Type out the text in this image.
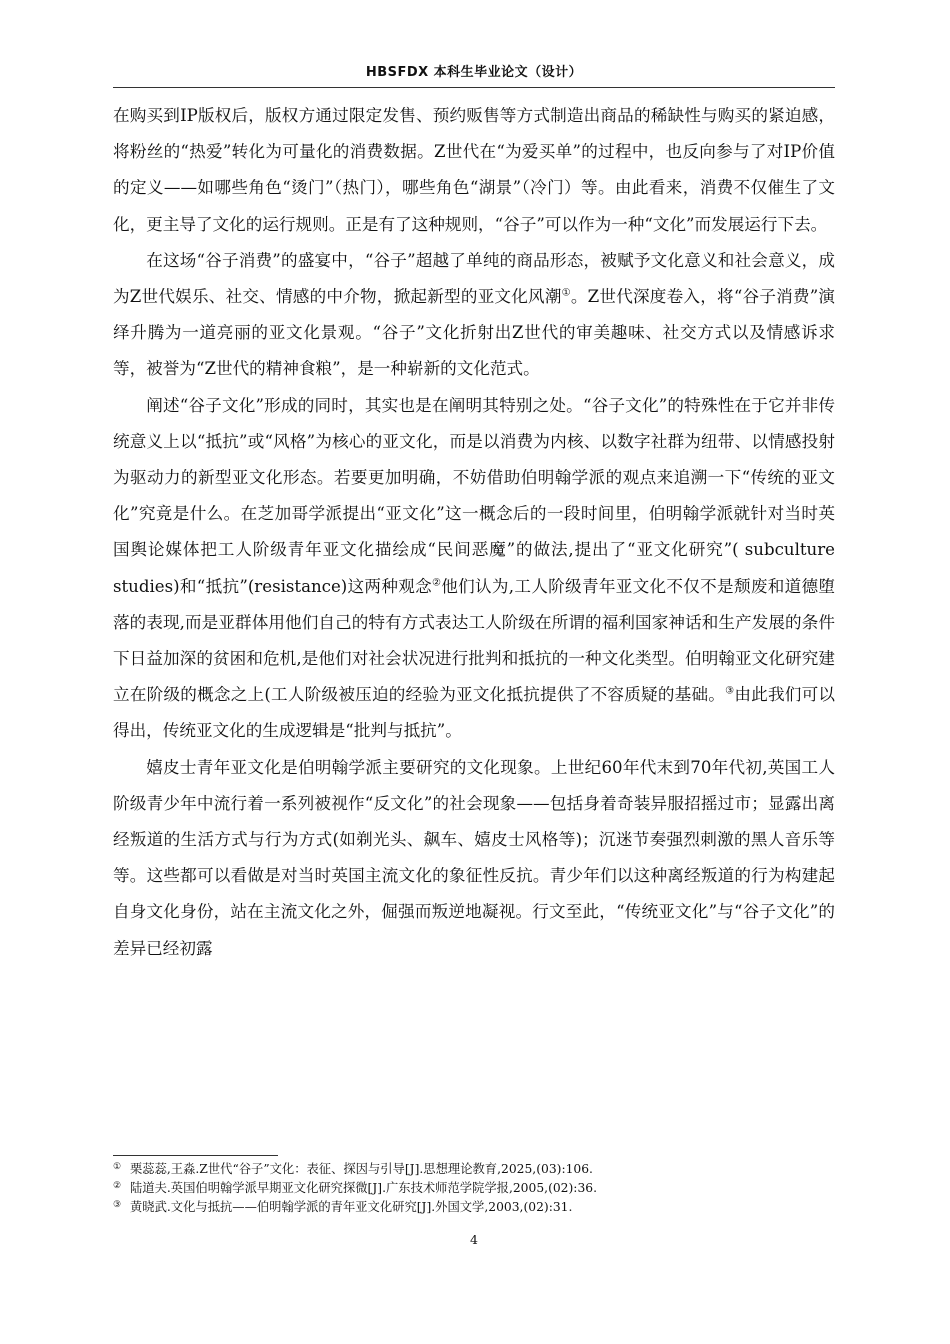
HBSFDX 本科生毕业论文（设计）

在购买到IP版权后，版权方通过限定发售、预约贩售等方式制造出商品的稀缺性与购买的紧迫感，将粉丝的“热爱”转化为可量化的消费数据。Z世代在“为爱买单”的过程中，也反向参与了对IP价值的定义——如哪些角色“烫门”（热门），哪些角色“湖景”（冷门）等。由此看来，消费不仅催生了文化，更主导了文化的运行规则。正是有了这种规则，“谷子”可以作为一种“文化”而发展运行下去。

在这场“谷子消费”的盛宴中，“谷子”超越了单纯的商品形态，被赋予文化意义和社会意义，成为Z世代娱乐、社交、情感的中介物，掀起新型的亚文化风潮①。Z世代深度卷入，将“谷子消费”演绎升腾为一道亮丽的亚文化景观。“谷子”文化折射出Z世代的审美趣味、社交方式以及情感诉求等，被誉为“Z世代的精神食粮”，是一种崭新的文化范式。

阐述“谷子文化”形成的同时，其实也是在阐明其特别之处。“谷子文化”的特殊性在于它并非传统意义上以“抵抗”或“风格”为核心的亚文化，而是以消费为内核、以数字社群为纽带、以情感投射为驱动力的新型亚文化形态。若要更加明确，不妨借助伯明翰学派的观点来追溯一下“传统的亚文化”究竟是什么。在芝加哥学派提出“亚文化”这一概念后的一段时间里，伯明翰学派就针对当时英国舆论媒体把工人阶级青年亚文化描绘成“民间恶魔”的做法,提出了“亚文化研究”( subculture studies)和“抵抗”(resistance)这两种观念②他们认为,工人阶级青年亚文化不仅不是颓废和道德堕落的表现,而是亚群体用他们自己的特有方式表达工人阶级在所谓的福利国家神话和生产发展的条件下日益加深的贫困和危机,是他们对社会状况进行批判和抵抗的一种文化类型。伯明翰亚文化研究建立在阶级的概念之上(工人阶级被压迫的经验为亚文化抵抗提供了不容质疑的基础。③由此我们可以得出，传统亚文化的生成逻辑是“批判与抵抗”。

嬉皮士青年亚文化是伯明翰学派主要研究的文化现象。上世纪60年代末到70年代初,英国工人阶级青少年中流行着一系列被视作“反文化”的社会现象——包括身着奇装异服招摇过市；显露出离经叛道的生活方式与行为方式(如剃光头、飙车、嬉皮士风格等)；沉迷节奏强烈刺激的黑人音乐等等。这些都可以看做是对当时英国主流文化的象征性反抗。青少年们以这种离经叛道的行为构建起自身文化身份，站在主流文化之外，倔强而叛逆地凝视。行文至此，“传统亚文化”与“谷子文化”的差异已经初露

① 栗蕊蕊,王淼.Z世代“谷子”文化：表征、探因与引导[J].思想理论教育,2025,(03):106.
② 陆道夫.英国伯明翰学派早期亚文化研究探微[J].广东技术师范学院学报,2005,(02):36.
③ 黄晓武.文化与抵抗——伯明翰学派的青年亚文化研究[J].外国文学,2003,(02):31.
4
